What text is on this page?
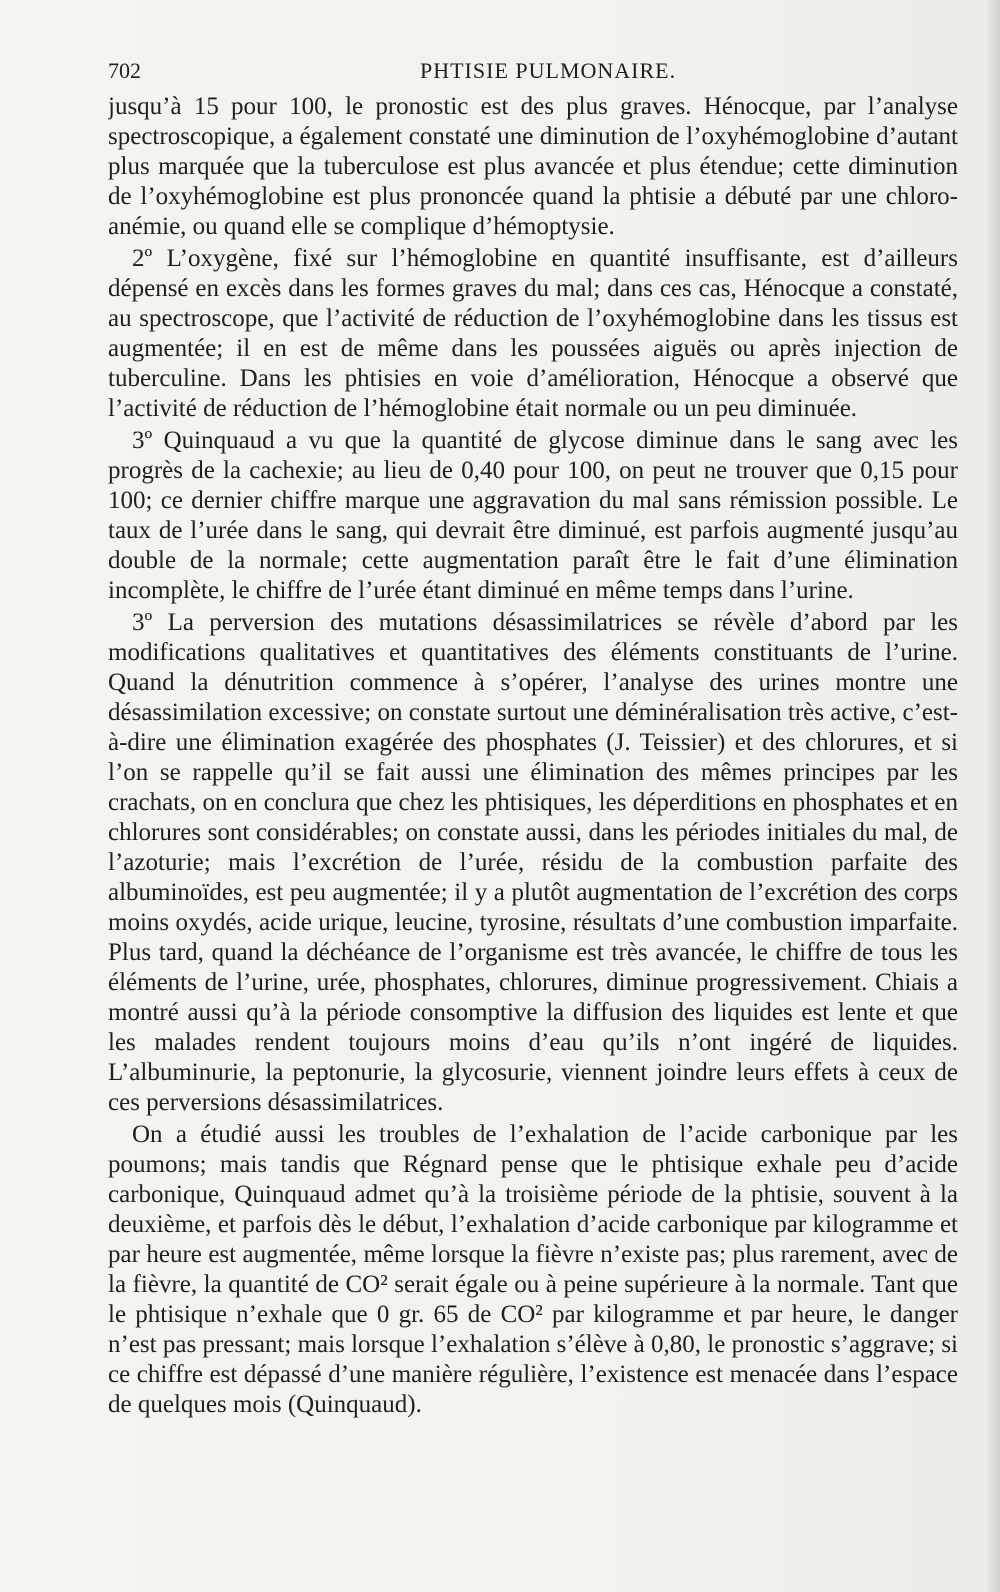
702	PHTISIE PULMONAIRE.

jusqu’à 15 pour 100, le pronostic est des plus graves. Hénocque, par l’analyse spectroscopique, a également constaté une diminution de l’oxyhémoglobine d’autant plus marquée que la tuberculose est plus avancée et plus étendue; cette diminution de l’oxyhémoglobine est plus prononcée quand la phtisie a débuté par une chloro-anémie, ou quand elle se complique d’hémoptysie.

2º L’oxygène, fixé sur l’hémoglobine en quantité insuffisante, est d’ailleurs dépensé en excès dans les formes graves du mal; dans ces cas, Hénocque a constaté, au spectroscope, que l’activité de réduction de l’oxyhémoglobine dans les tissus est augmentée; il en est de même dans les poussées aiguës ou après injection de tuberculine. Dans les phtisies en voie d’amélioration, Hénocque a observé que l’activité de réduction de l’hémoglobine était normale ou un peu diminuée.

3º Quinquaud a vu que la quantité de glycose diminue dans le sang avec les progrès de la cachexie; au lieu de 0,40 pour 100, on peut ne trouver que 0,15 pour 100; ce dernier chiffre marque une aggravation du mal sans rémission possible. Le taux de l’urée dans le sang, qui devrait être diminué, est parfois augmenté jusqu’au double de la normale; cette augmentation paraît être le fait d’une élimination incomplète, le chiffre de l’urée étant diminué en même temps dans l’urine.

3º La perversion des mutations désassimilatrices se révèle d’abord par les modifications qualitatives et quantitatives des éléments constituants de l’urine. Quand la dénutrition commence à s’opérer, l’analyse des urines montre une désassimilation excessive; on constate surtout une déminéralisation très active, c’est-à-dire une élimination exagérée des phosphates (J. Teissier) et des chlorures, et si l’on se rappelle qu’il se fait aussi une élimination des mêmes principes par les crachats, on en conclura que chez les phtisiques, les déperditions en phosphates et en chlorures sont considérables; on constate aussi, dans les périodes initiales du mal, de l’azoturie; mais l’excrétion de l’urée, résidu de la combustion parfaite des albuminoïdes, est peu augmentée; il y a plutôt augmentation de l’excrétion des corps moins oxydés, acide urique, leucine, tyrosine, résultats d’une combustion imparfaite. Plus tard, quand la déchéance de l’organisme est très avancée, le chiffre de tous les éléments de l’urine, urée, phosphates, chlorures, diminue progressivement. Chiais a montré aussi qu’à la période consomptive la diffusion des liquides est lente et que les malades rendent toujours moins d’eau qu’ils n’ont ingéré de liquides. L’albuminurie, la peptonurie, la glycosurie, viennent joindre leurs effets à ceux de ces perversions désassimilatrices.

On a étudié aussi les troubles de l’exhalation de l’acide carbonique par les poumons; mais tandis que Régnard pense que le phtisique exhale peu d’acide carbonique, Quinquaud admet qu’à la troisième période de la phtisie, souvent à la deuxième, et parfois dès le début, l’exhalation d’acide carbonique par kilogramme et par heure est augmentée, même lorsque la fièvre n’existe pas; plus rarement, avec de la fièvre, la quantité de CO² serait égale ou à peine supérieure à la normale. Tant que le phtisique n’exhale que 0 gr. 65 de CO² par kilogramme et par heure, le danger n’est pas pressant; mais lorsque l’exhalation s’élève à 0,80, le pronostic s’aggrave; si ce chiffre est dépassé d’une manière régulière, l’existence est menacée dans l’espace de quelques mois (Quinquaud).
